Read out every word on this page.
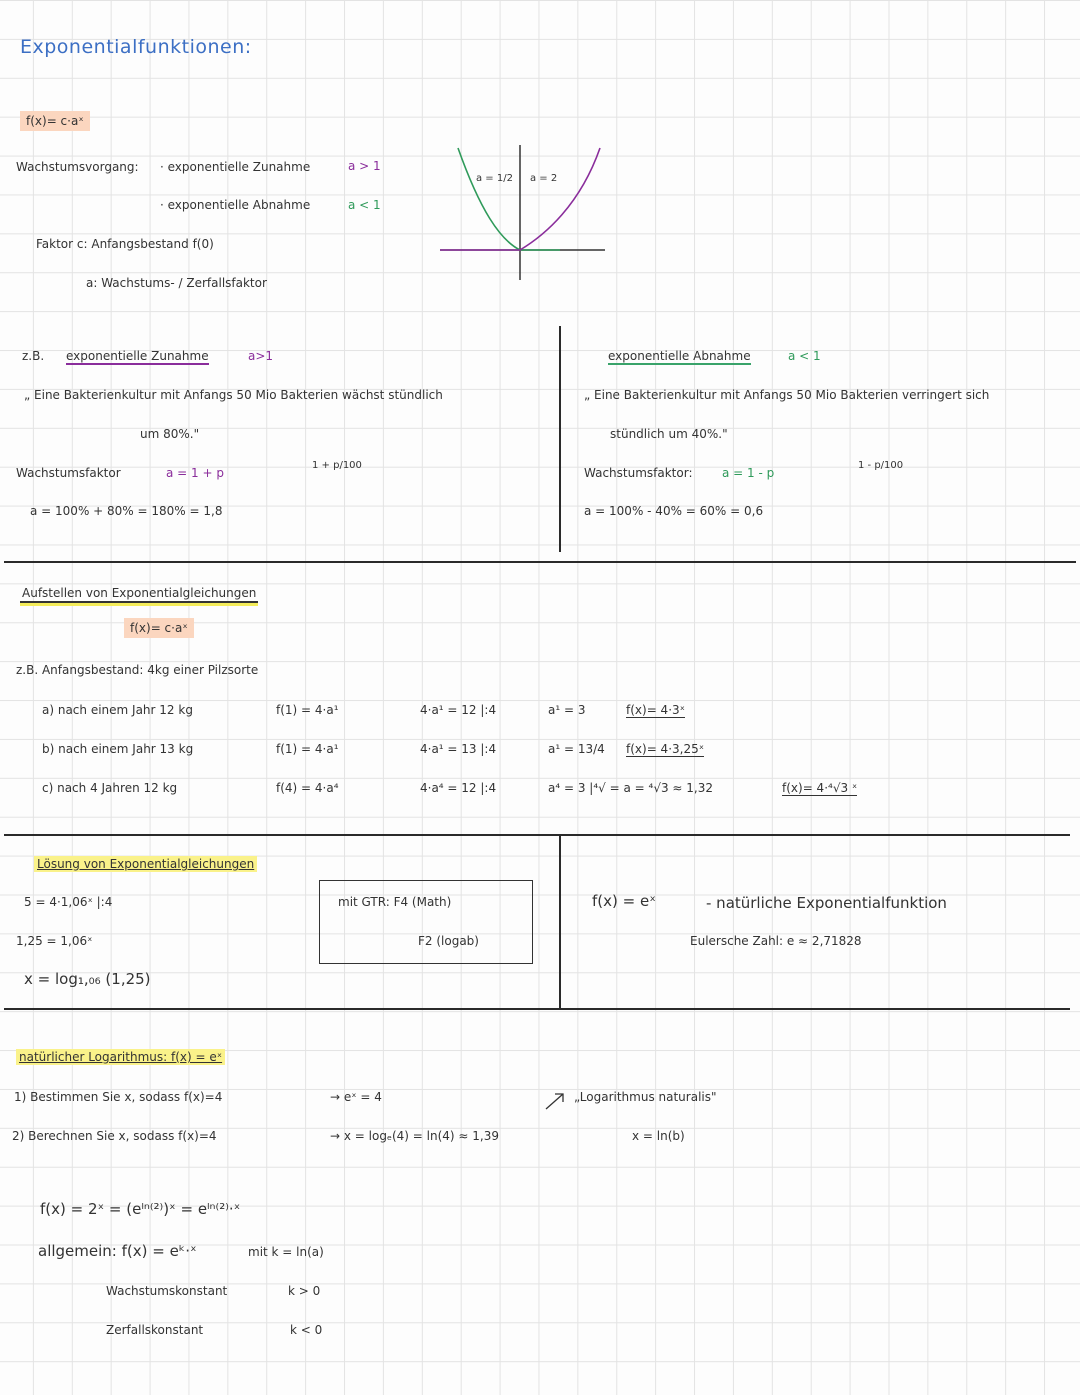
Exponentialfunktionen:
f(x)= c·aˣ
Wachstumsvorgang: · exponentielle Zunahme	a > 1
· exponentielle Abnahme	a < 1
Faktor c: Anfangsbestand f(0)
a: Wachstums- / Zerfallsfaktor
a = 1/2 a = 2
z.B. exponentielle Zunahme	a>1
„ Eine Bakterienkultur mit Anfangs 50 Mio Bakterien wächst stündlich
um 80%."
Wachstumsfaktor	a = 1 + p
1 + p/100
a = 100% + 80% = 180% = 1,8
exponentielle Abnahme	a < 1
„ Eine Bakterienkultur mit Anfangs 50 Mio Bakterien verringert sich
stündlich um 40%."
Wachstumsfaktor: a = 1 - p
1 - p/100
a = 100% - 40% = 60% = 0,6
Aufstellen von Exponentialgleichungen
f(x)= c·aˣ
z.B. Anfangsbestand: 4kg einer Pilzsorte
a) nach einem Jahr 12 kg	f(1) = 4·a¹	4·a¹ = 12 |:4	a¹ = 3	f(x)= 4·3ˣ
b) nach einem Jahr 13 kg	f(1) = 4·a¹	4·a¹ = 13 |:4	a¹ = 13/4 f(x)= 4·3,25ˣ
c) nach 4 Jahren 12 kg	f(4) = 4·a⁴	4·a⁴ = 12 |:4	a⁴ = 3 |⁴√ = a = ⁴√3 ≈ 1,32	f(x)= 4·⁴√3 ˣ
Lösung von Exponentialgleichungen
5 = 4·1,06ˣ |:4
1,25 = 1,06ˣ
x = log₁,₀₆ (1,25)
mit GTR: F4 (Math)
F2 (logab)
f(x) = eˣ	- natürliche Exponentialfunktion
Eulersche Zahl: e ≈ 2,71828
natürlicher Logarithmus: f(x) = eˣ
1) Bestimmen Sie x, sodass f(x)=4	→ eˣ = 4
2) Berechnen Sie x, sodass f(x)=4	→ x = logₑ(4) = ln(4) ≈ 1,39
„Logarithmus naturalis"
x = ln(b)
f(x) = 2ˣ = (eˡⁿ⁽²⁾)ˣ = eˡⁿ⁽²⁾·ˣ
allgemein: f(x) = eᵏ·ˣ	mit k = ln(a)
Wachstumskonstant	k > 0
Zerfallskonstant	k < 0
